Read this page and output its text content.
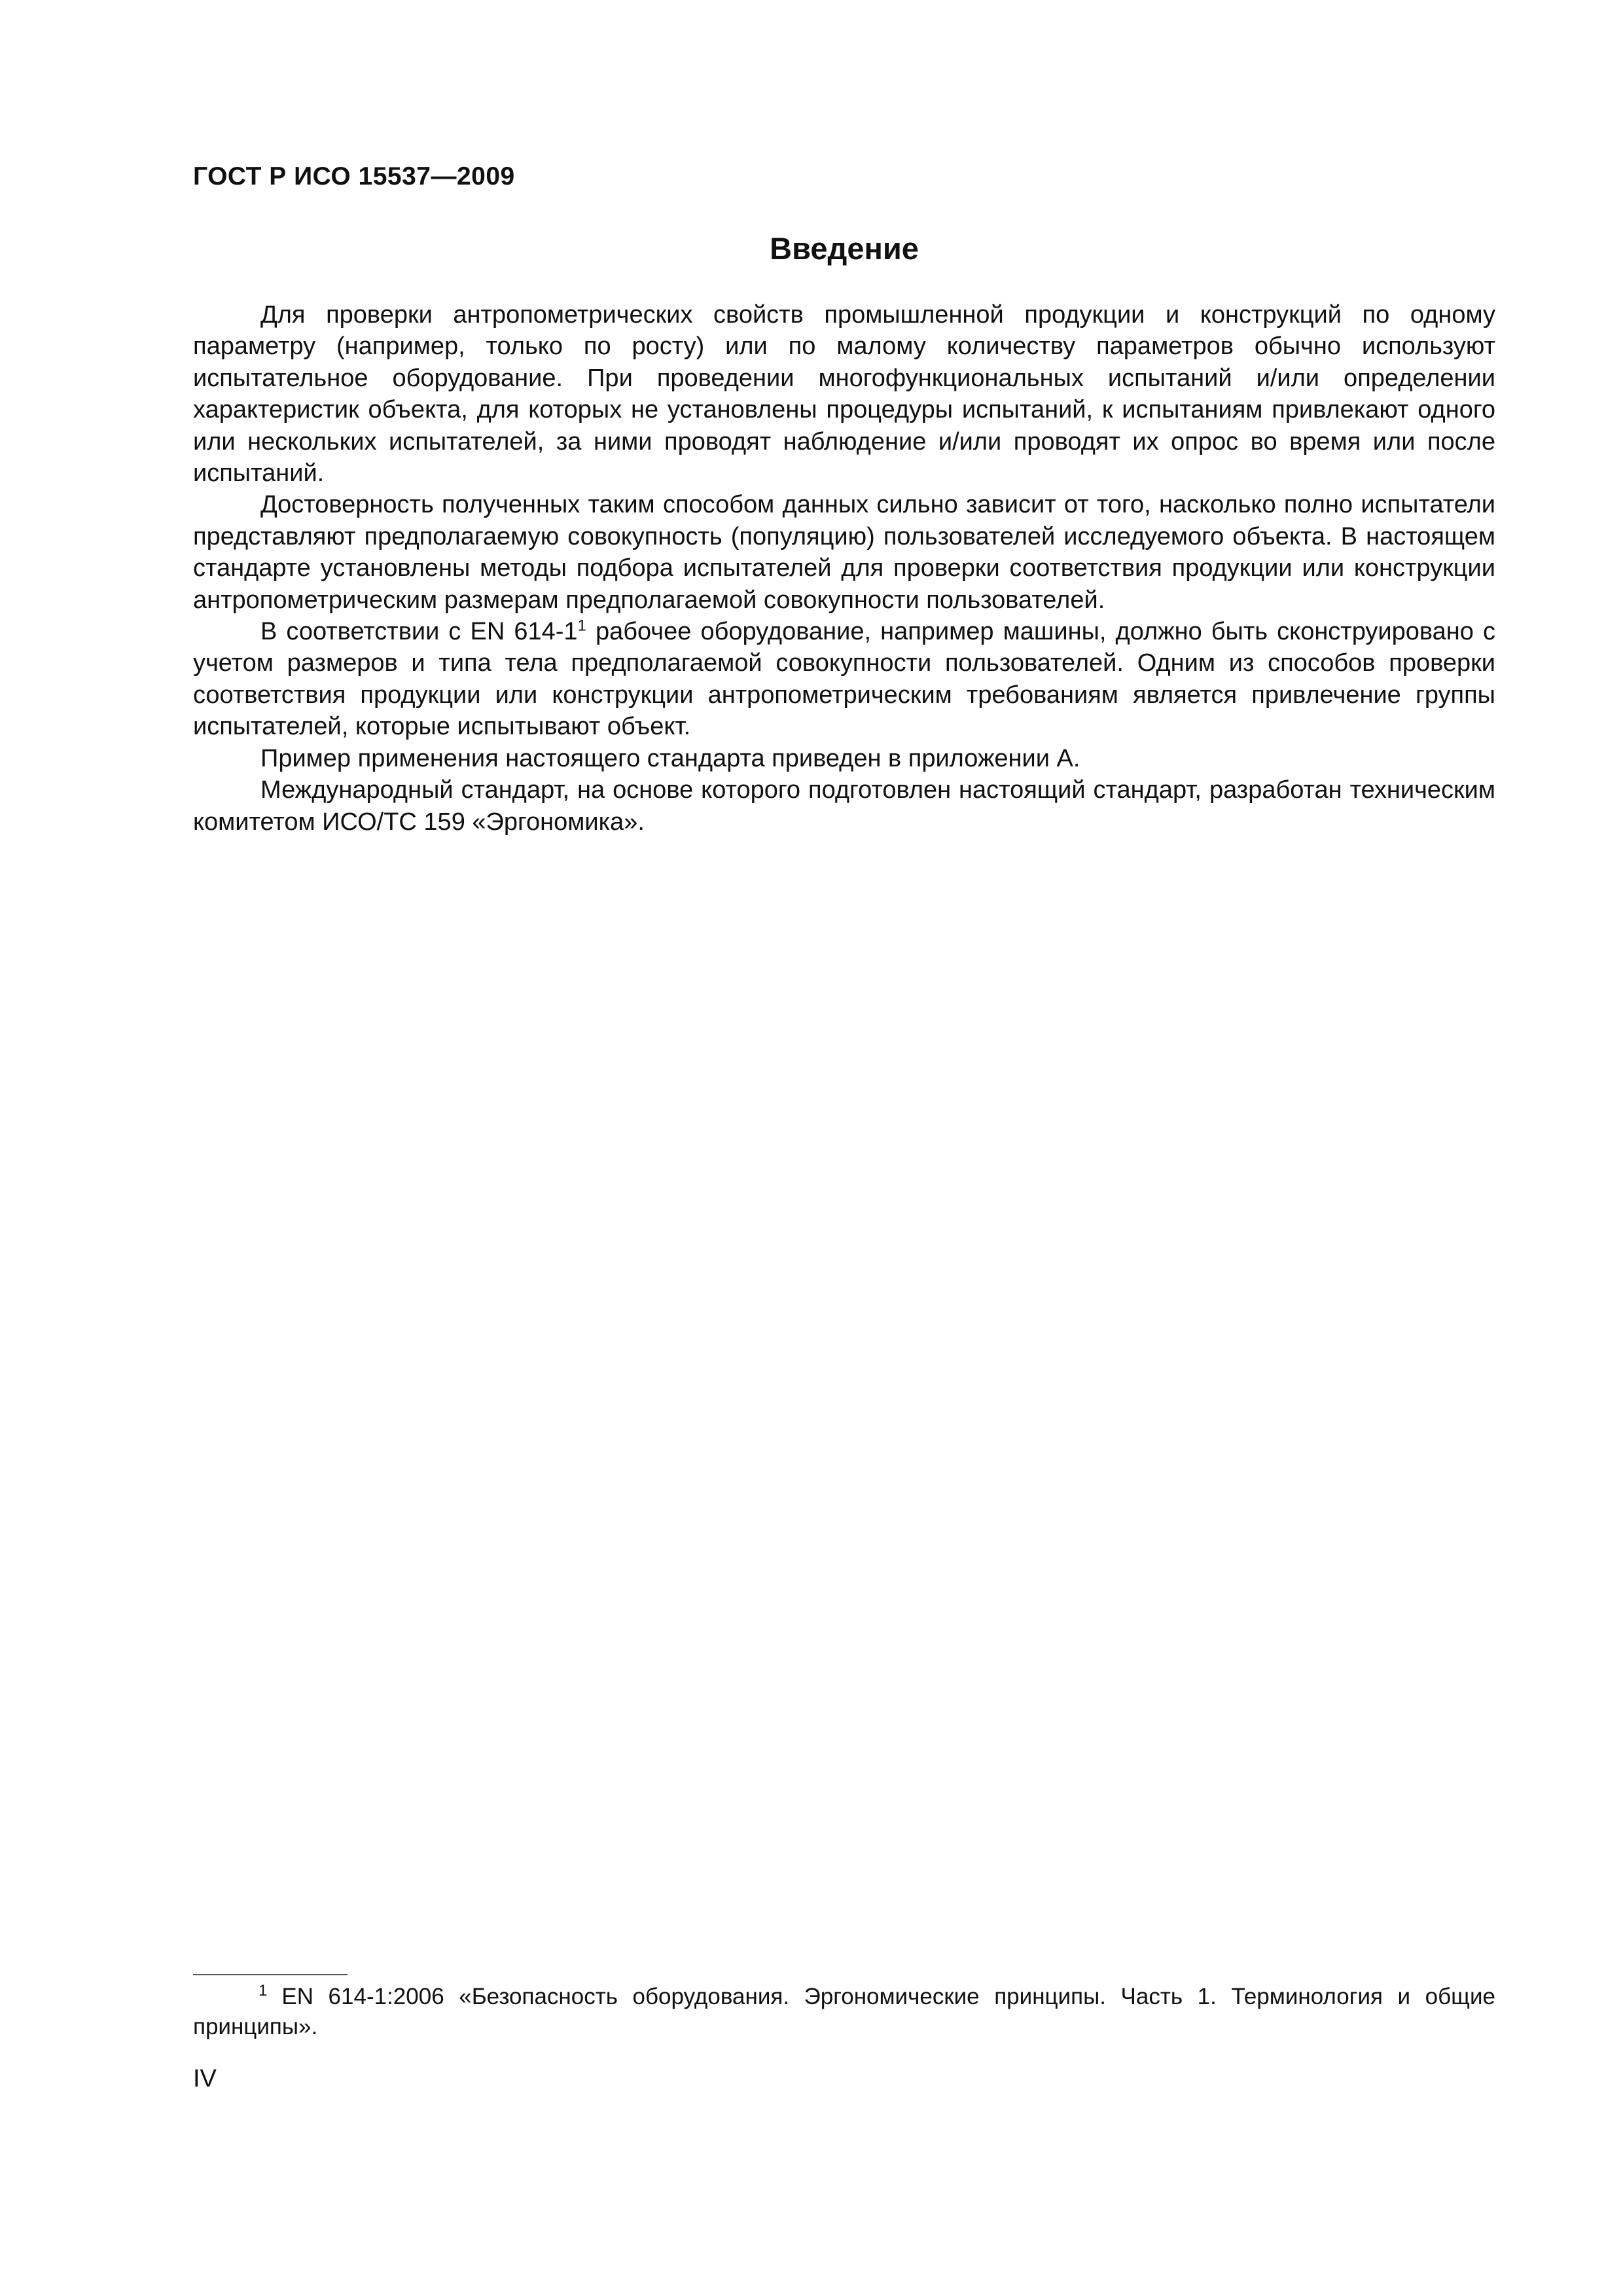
ГОСТ Р ИСО 15537—2009

Введение

Для проверки антропометрических свойств промышленной продукции и конструкций по одному параметру (например, только по росту) или по малому количеству параметров обычно используют испытательное оборудование. При проведении многофункциональных испытаний и/или определении характеристик объекта, для которых не установлены процедуры испытаний, к испытаниям привлекают одного или нескольких испытателей, за ними проводят наблюдение и/или проводят их опрос во время или после испытаний.

Достоверность полученных таким способом данных сильно зависит от того, насколько полно испытатели представляют предполагаемую совокупность (популяцию) пользователей исследуемого объекта. В настоящем стандарте установлены методы подбора испытателей для проверки соответствия продукции или конструкции антропометрическим размерам предполагаемой совокупности пользователей.

В соответствии с EN $614-1^1$ рабочее оборудование, например машины, должно быть сконструировано с учетом размеров и типа тела предполагаемой совокупности пользователей. Одним из способов проверки соответствия продукции или конструкции антропометрическим требованиям является привлечение группы испытателей, которые испытывают объект.

Пример применения настоящего стандарта приведен в приложении А.

Международный стандарт, на основе которого подготовлен настоящий стандарт, разработан техническим комитетом ИСО/ТС 159 «Эргономика».

$^1$ EN 614-1:2006 «Безопасность оборудования. Эргономические принципы. Часть 1. Терминология и общие принципы».

IV
